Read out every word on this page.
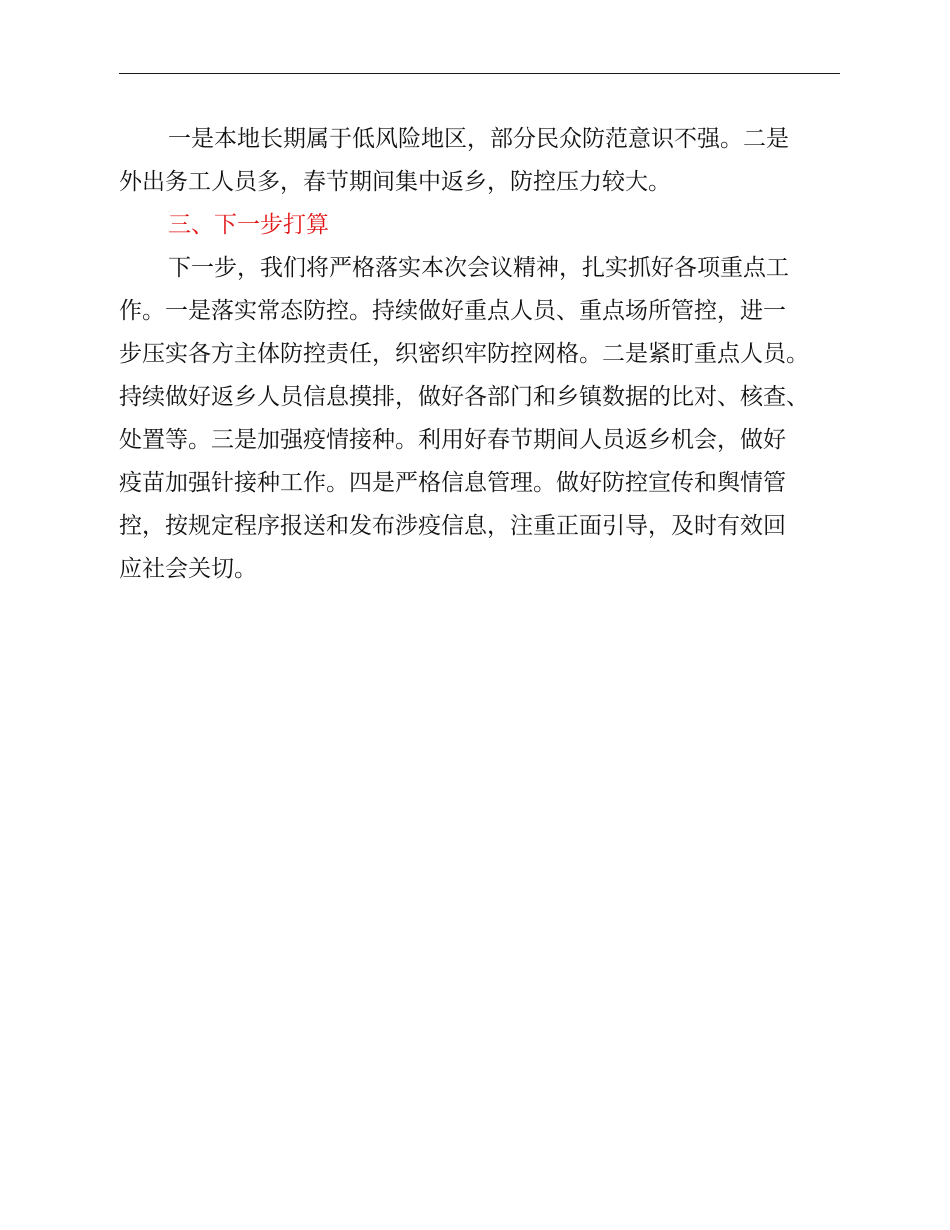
一是本地长期属于低风险地区，部分民众防范意识不强。二是
外出务工人员多，春节期间集中返乡，防控压力较大。
三、下一步打算
下一步，我们将严格落实本次会议精神，扎实抓好各项重点工
作。一是落实常态防控。持续做好重点人员、重点场所管控，进一
步压实各方主体防控责任，织密织牢防控网格。二是紧盯重点人员。
持续做好返乡人员信息摸排，做好各部门和乡镇数据的比对、核查、
处置等。三是加强疫情接种。利用好春节期间人员返乡机会，做好
疫苗加强针接种工作。四是严格信息管理。做好防控宣传和舆情管
控，按规定程序报送和发布涉疫信息，注重正面引导，及时有效回
应社会关切。
